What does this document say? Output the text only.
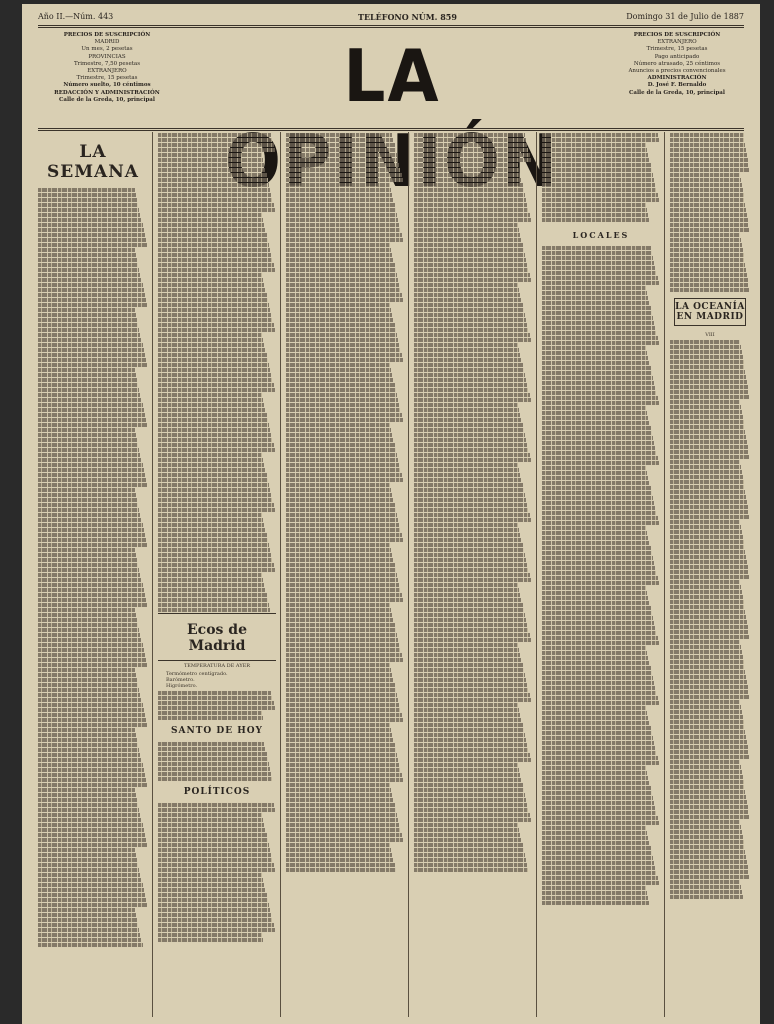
Año II.—Núm. 443	TELÉFONO NÚM. 859	Domingo 31 de Julio de 1887
PRECIOS DE SUSCRIPCIÓN
MADRID
Un mes, 2 pesetas
PROVINCIAS
Trimestre, 7,50 pesetas
EXTRANJERO
Trimestre, 15 pesetas
Número suelto, 10 céntimos
REDACCIÓN Y ADMINISTRACIÓN
Calle de la Greda, 10, principal	LA	PRECIOS DE SUSCRIPCIÓN
EXTRANJERO
Trimestre, 15 pesetas
Pago anticipado
Número atrasado, 25 céntimos
Anuncios a precios convencionales
ADMINISTRACIÓN
D. José F. Bernaldo
Calle de la Greda, 10, principal
LA SEMANA
Ecos de Madrid
TEMPERATURA DE AYER
Termómetro centígrado.
Barómetro.
Higrómetro.
SANTO DE HOY
POLÍTICOS
LOCALES
LA OCEANÍA EN MADRID
VIII
